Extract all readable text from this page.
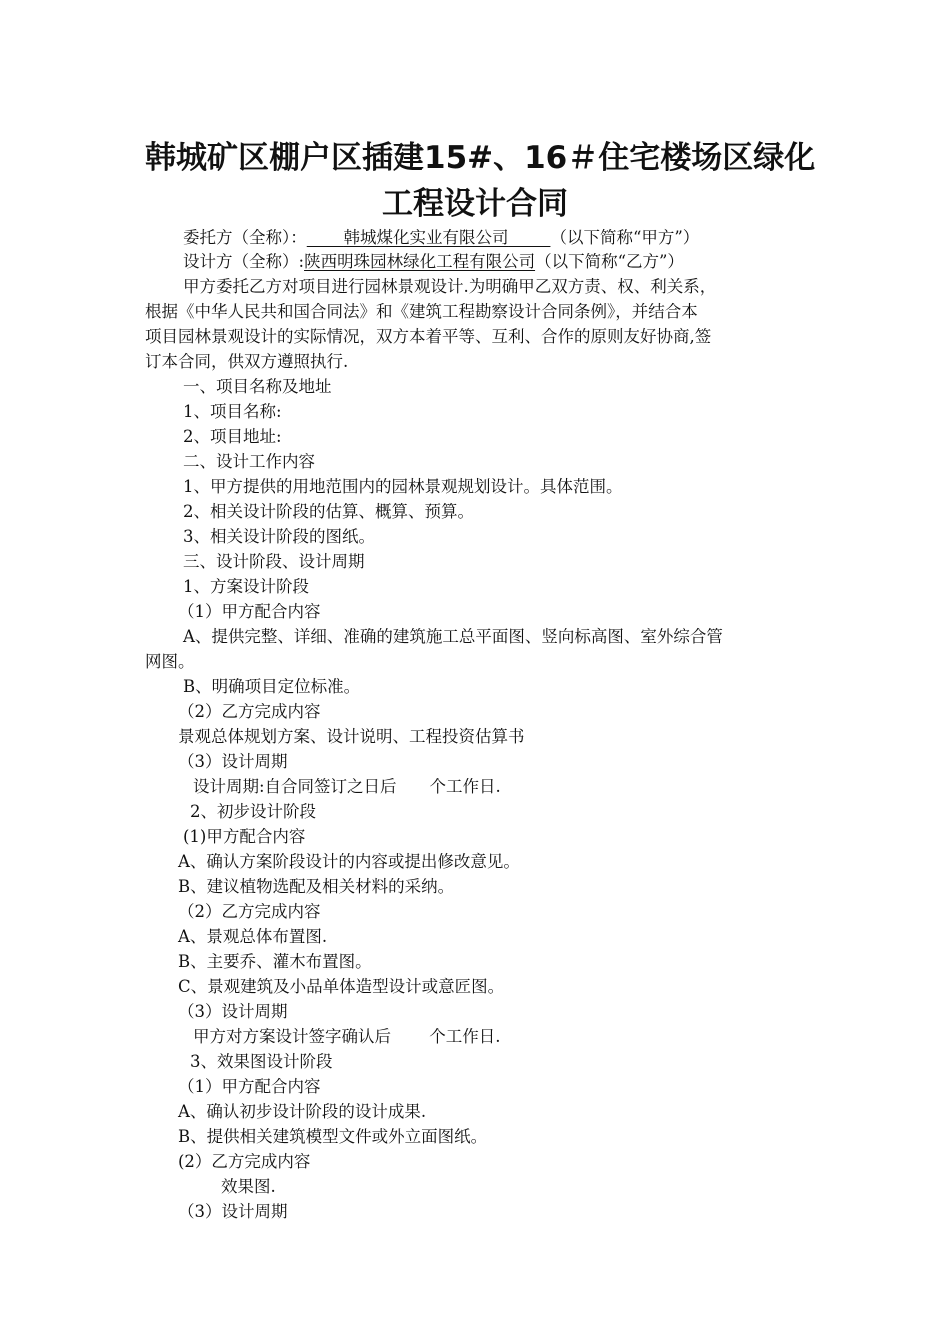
韩城矿区棚户区插建15#、16＃住宅楼场区绿化
工程设计合同
委托方（全称）： 韩城煤化实业有限公司	（以下简称“甲方”）
设计方（全称）:陕西明珠园林绿化工程有限公司（以下简称“乙方”）
甲方委托乙方对项目进行园林景观设计.为明确甲乙双方责、权、利关系，
根据《中华人民共和国合同法》和《建筑工程勘察设计合同条例》，并结合本
项目园林景观设计的实际情况，双方本着平等、互利、合作的原则友好协商,签
订本合同，供双方遵照执行.
一、项目名称及地址
1、项目名称:
2、项目地址:
二、设计工作内容
1、甲方提供的用地范围内的园林景观规划设计。具体范围。
2、相关设计阶段的估算、概算、预算。
3、相关设计阶段的图纸。
三、设计阶段、设计周期
1、方案设计阶段
（1）甲方配合内容
A、提供完整、详细、准确的建筑施工总平面图、竖向标高图、室外综合管
网图。
B、明确项目定位标准。
（2）乙方完成内容
景观总体规划方案、设计说明、工程投资估算书
（3）设计周期
设计周期:自合同签订之日后　　个工作日.
2、初步设计阶段
(1)甲方配合内容
A、确认方案阶段设计的内容或提出修改意见。
B、建议植物选配及相关材料的采纳。
（2）乙方完成内容
A、景观总体布置图.
B、主要乔、灌木布置图。
C、景观建筑及小品单体造型设计或意匠图。
（3）设计周期
甲方对方案设计签字确认后　　 个工作日.
3、效果图设计阶段
（1）甲方配合内容
A、确认初步设计阶段的设计成果.
B、提供相关建筑模型文件或外立面图纸。
(2）乙方完成内容
效果图.
（3）设计周期
